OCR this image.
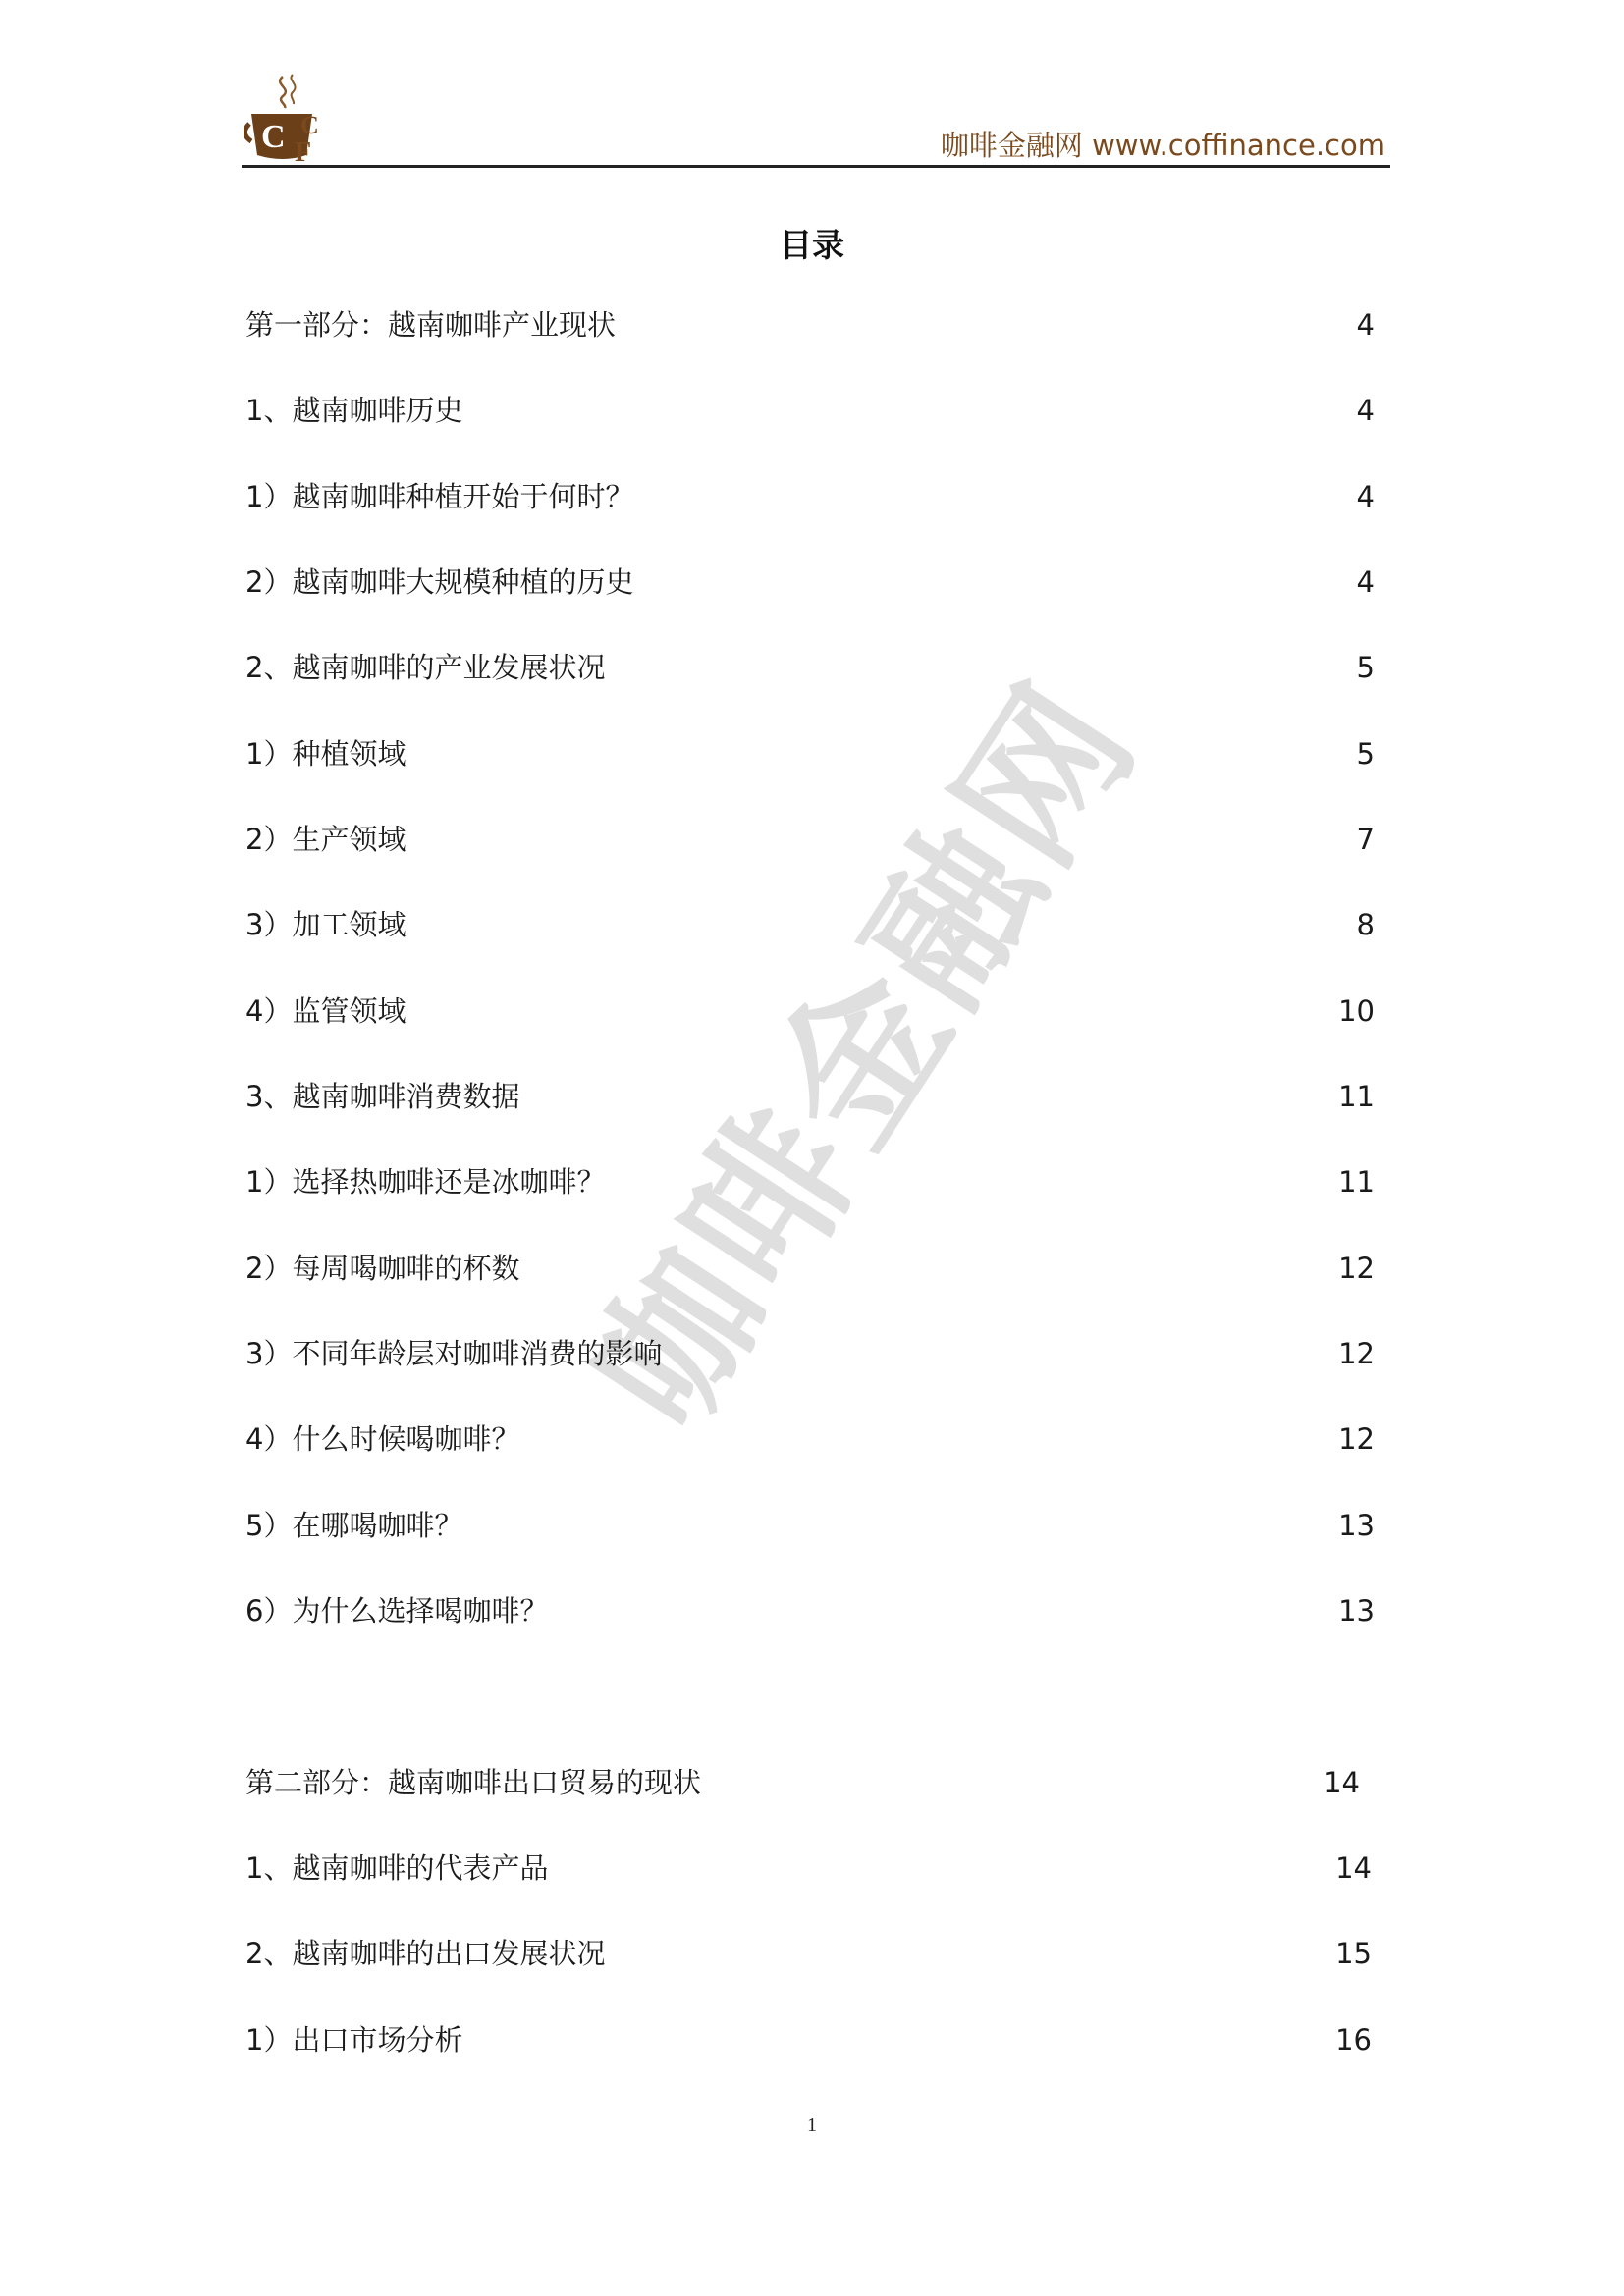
C C
F	咖啡金融网 www.coffinance.com
目录
咖啡金融网
第一部分：越南咖啡产业现状	4
1、越南咖啡历史	4
1）越南咖啡种植开始于何时？	4
2）越南咖啡大规模种植的历史	4
2、越南咖啡的产业发展状况	5
1）种植领域	5
2）生产领域	7
3）加工领域	8
4）监管领域	10
3、越南咖啡消费数据	11
1）选择热咖啡还是冰咖啡？	11
2）每周喝咖啡的杯数	12
3）不同年龄层对咖啡消费的影响	12
4）什么时候喝咖啡？	12
5）在哪喝咖啡？	13
6）为什么选择喝咖啡？	13
第二部分：越南咖啡出口贸易的现状	14
1、越南咖啡的代表产品	14
2、越南咖啡的出口发展状况	15
1）出口市场分析	16
1
